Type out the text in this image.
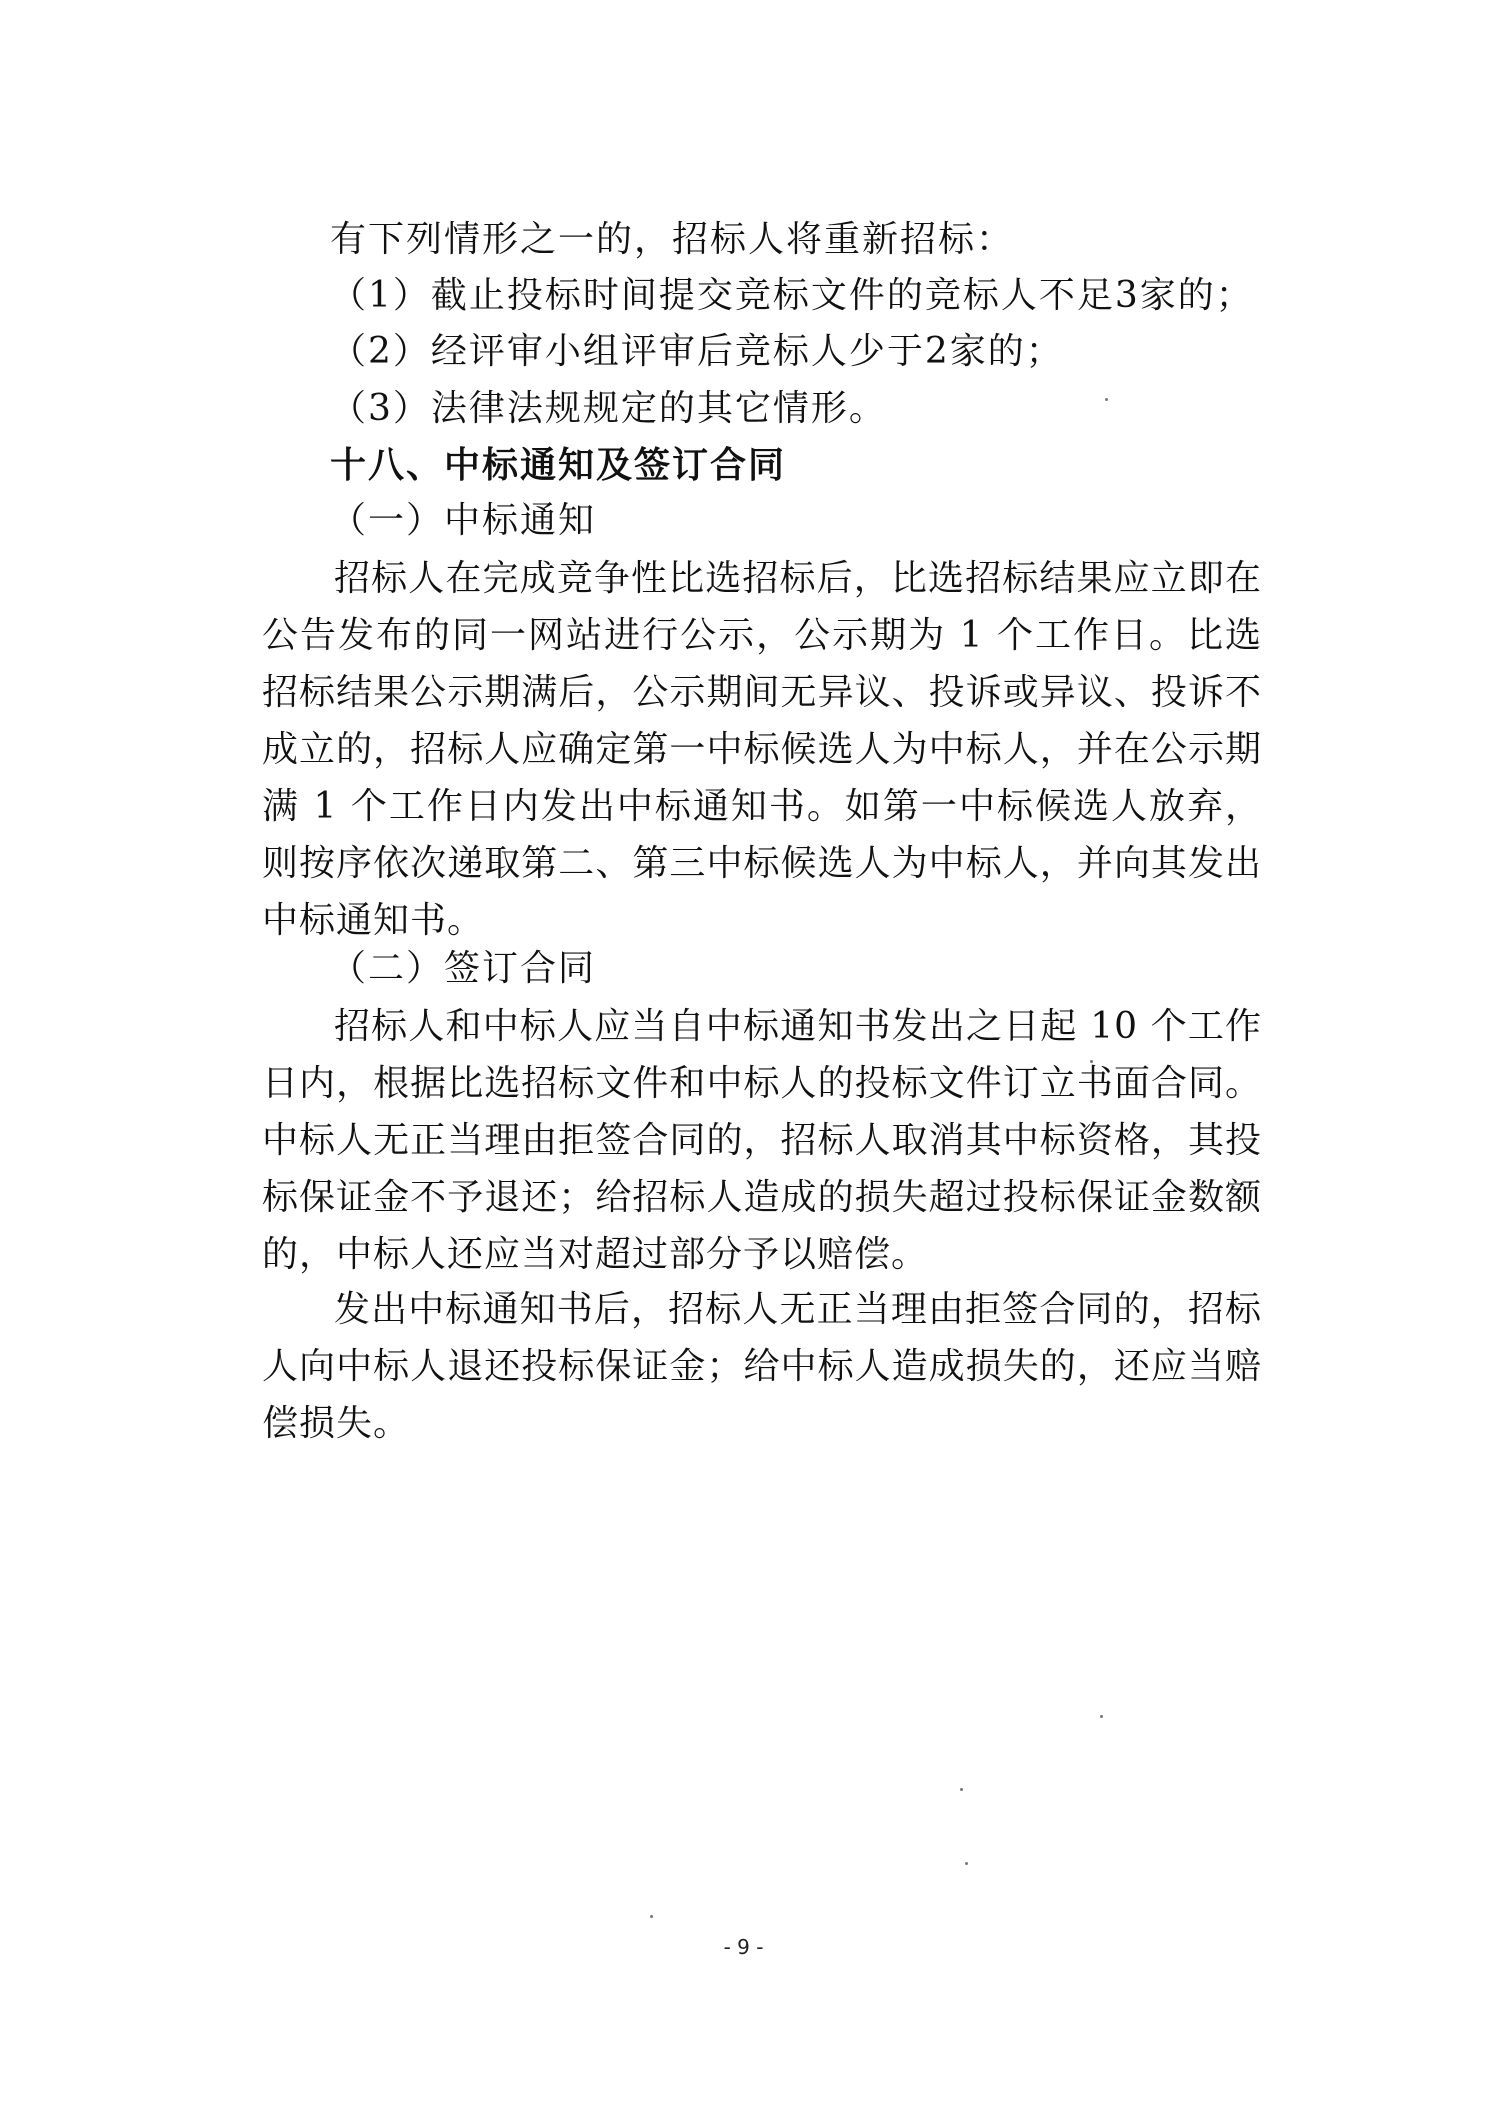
有下列情形之一的，招标人将重新招标：
（1）截止投标时间提交竞标文件的竞标人不足3家的；
（2）经评审小组评审后竞标人少于2家的；
（3）法律法规规定的其它情形。
十八、中标通知及签订合同
（一）中标通知
招标人在完成竞争性比选招标后，比选招标结果应立即在公告发布的同一网站进行公示，公示期为 1 个工作日。比选招标结果公示期满后，公示期间无异议、投诉或异议、投诉不成立的，招标人应确定第一中标候选人为中标人，并在公示期满 1 个工作日内发出中标通知书。如第一中标候选人放弃，则按序依次递取第二、第三中标候选人为中标人，并向其发出中标通知书。
（二）签订合同
招标人和中标人应当自中标通知书发出之日起 10 个工作日内，根据比选招标文件和中标人的投标文件订立书面合同。中标人无正当理由拒签合同的，招标人取消其中标资格，其投标保证金不予退还；给招标人造成的损失超过投标保证金数额的，中标人还应当对超过部分予以赔偿。
发出中标通知书后，招标人无正当理由拒签合同的，招标人向中标人退还投标保证金；给中标人造成损失的，还应当赔偿损失。
- 9 -
